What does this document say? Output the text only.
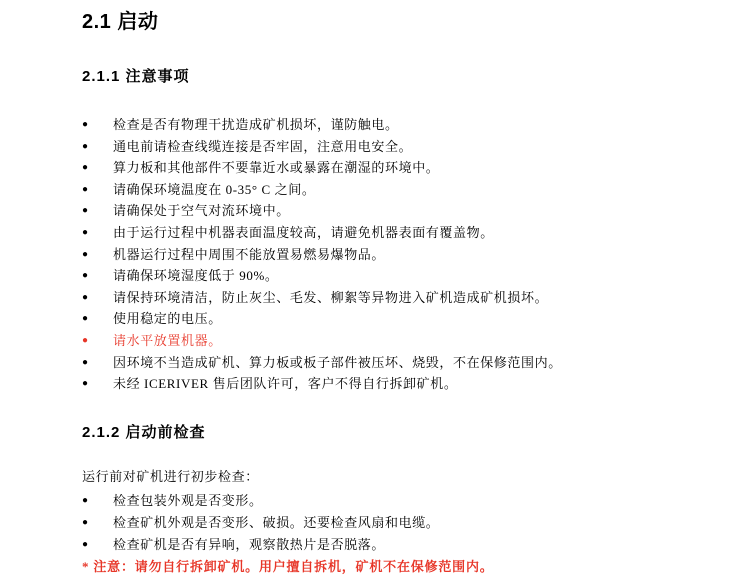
2.1 启动
2.1.1 注意事项
●	检查是否有物理干扰造成矿机损坏，谨防触电。
●	通电前请检查线缆连接是否牢固，注意用电安全。
●	算力板和其他部件不要靠近水或暴露在潮湿的环境中。
●	请确保环境温度在 0-35° C 之间。
●	请确保处于空气对流环境中。
●	由于运行过程中机器表面温度较高，请避免机器表面有覆盖物。
●	机器运行过程中周围不能放置易燃易爆物品。
●	请确保环境湿度低于 90%。
●	请保持环境清洁，防止灰尘、毛发、柳絮等异物进入矿机造成矿机损坏。
●	使用稳定的电压。
●	请水平放置机器。
●	因环境不当造成矿机、算力板或板子部件被压坏、烧毁，不在保修范围内。
●	未经 ICERIVER 售后团队许可，客户不得自行拆卸矿机。
2.1.2 启动前检查

运行前对矿机进行初步检查：

●	检查包装外观是否变形。
●	检查矿机外观是否变形、破损。还要检查风扇和电缆。
●	检查矿机是否有异响，观察散热片是否脱落。

* 注意：请勿自行拆卸矿机。用户擅自拆机，矿机不在保修范围内。
